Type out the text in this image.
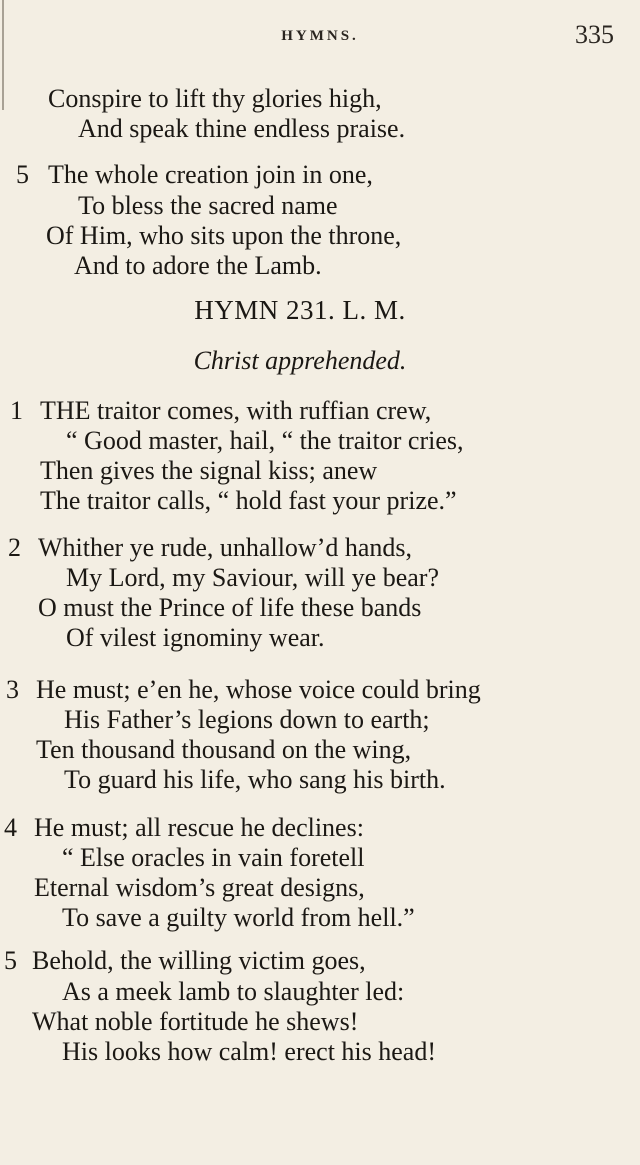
HYMNS.	335
Conspire to lift thy glories high,
And speak thine endless praise.
5 The whole creation join in one,
To bless the sacred name
Of Him, who sits upon the throne,
And to adore the Lamb.
HYMN 231. L. M.
Christ apprehended.
1 THE traitor comes, with ruffian crew,
“ Good master, hail, “ the traitor cries,
Then gives the signal kiss; anew
The traitor calls, “ hold fast your prize.”
2 Whither ye rude, unhallow’d hands,
My Lord, my Saviour, will ye bear?
O must the Prince of life these bands
Of vilest ignominy wear.
3 He must; e’en he, whose voice could bring
His Father’s legions down to earth;
Ten thousand thousand on the wing,
To guard his life, who sang his birth.
4 He must; all rescue he declines:
“ Else oracles in vain foretell
Eternal wisdom’s great designs,
To save a guilty world from hell.”
5 Behold, the willing victim goes,
As a meek lamb to slaughter led:
What noble fortitude he shews!
His looks how calm! erect his head!
